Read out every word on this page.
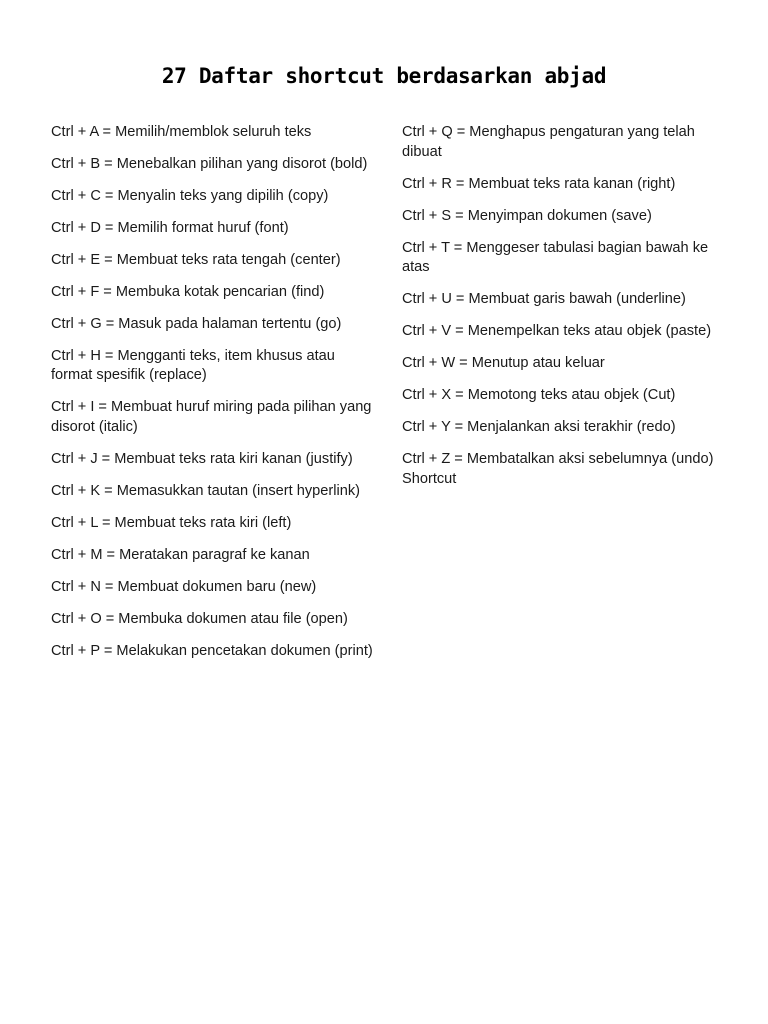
27 Daftar shortcut berdasarkan abjad
Ctrl + A = Memilih/memblok seluruh teks
Ctrl + B = Menebalkan pilihan yang disorot (bold)
Ctrl + C = Menyalin teks yang dipilih (copy)
Ctrl + D = Memilih format huruf (font)
Ctrl + E = Membuat teks rata tengah (center)
Ctrl + F = Membuka kotak pencarian (find)
Ctrl + G = Masuk pada halaman tertentu (go)
Ctrl + H = Mengganti teks, item khusus atau format spesifik (replace)
Ctrl + I = Membuat huruf miring pada pilihan yang disorot (italic)
Ctrl + J = Membuat teks rata kiri kanan (justify)
Ctrl + K = Memasukkan tautan (insert hyperlink)
Ctrl + L = Membuat teks rata kiri (left)
Ctrl + M = Meratakan paragraf ke kanan
Ctrl + N = Membuat dokumen baru (new)
Ctrl + O = Membuka dokumen atau file (open)
Ctrl + P = Melakukan pencetakan dokumen (print)
Ctrl + Q = Menghapus pengaturan yang telah dibuat
Ctrl + R = Membuat teks rata kanan (right)
Ctrl + S = Menyimpan dokumen (save)
Ctrl + T = Menggeser tabulasi bagian bawah ke atas
Ctrl + U = Membuat garis bawah (underline)
Ctrl + V = Menempelkan teks atau objek (paste)
Ctrl + W = Menutup atau keluar
Ctrl + X = Memotong teks atau objek (Cut)
Ctrl + Y = Menjalankan aksi terakhir (redo)
Ctrl + Z = Membatalkan aksi sebelumnya (undo) Shortcut
